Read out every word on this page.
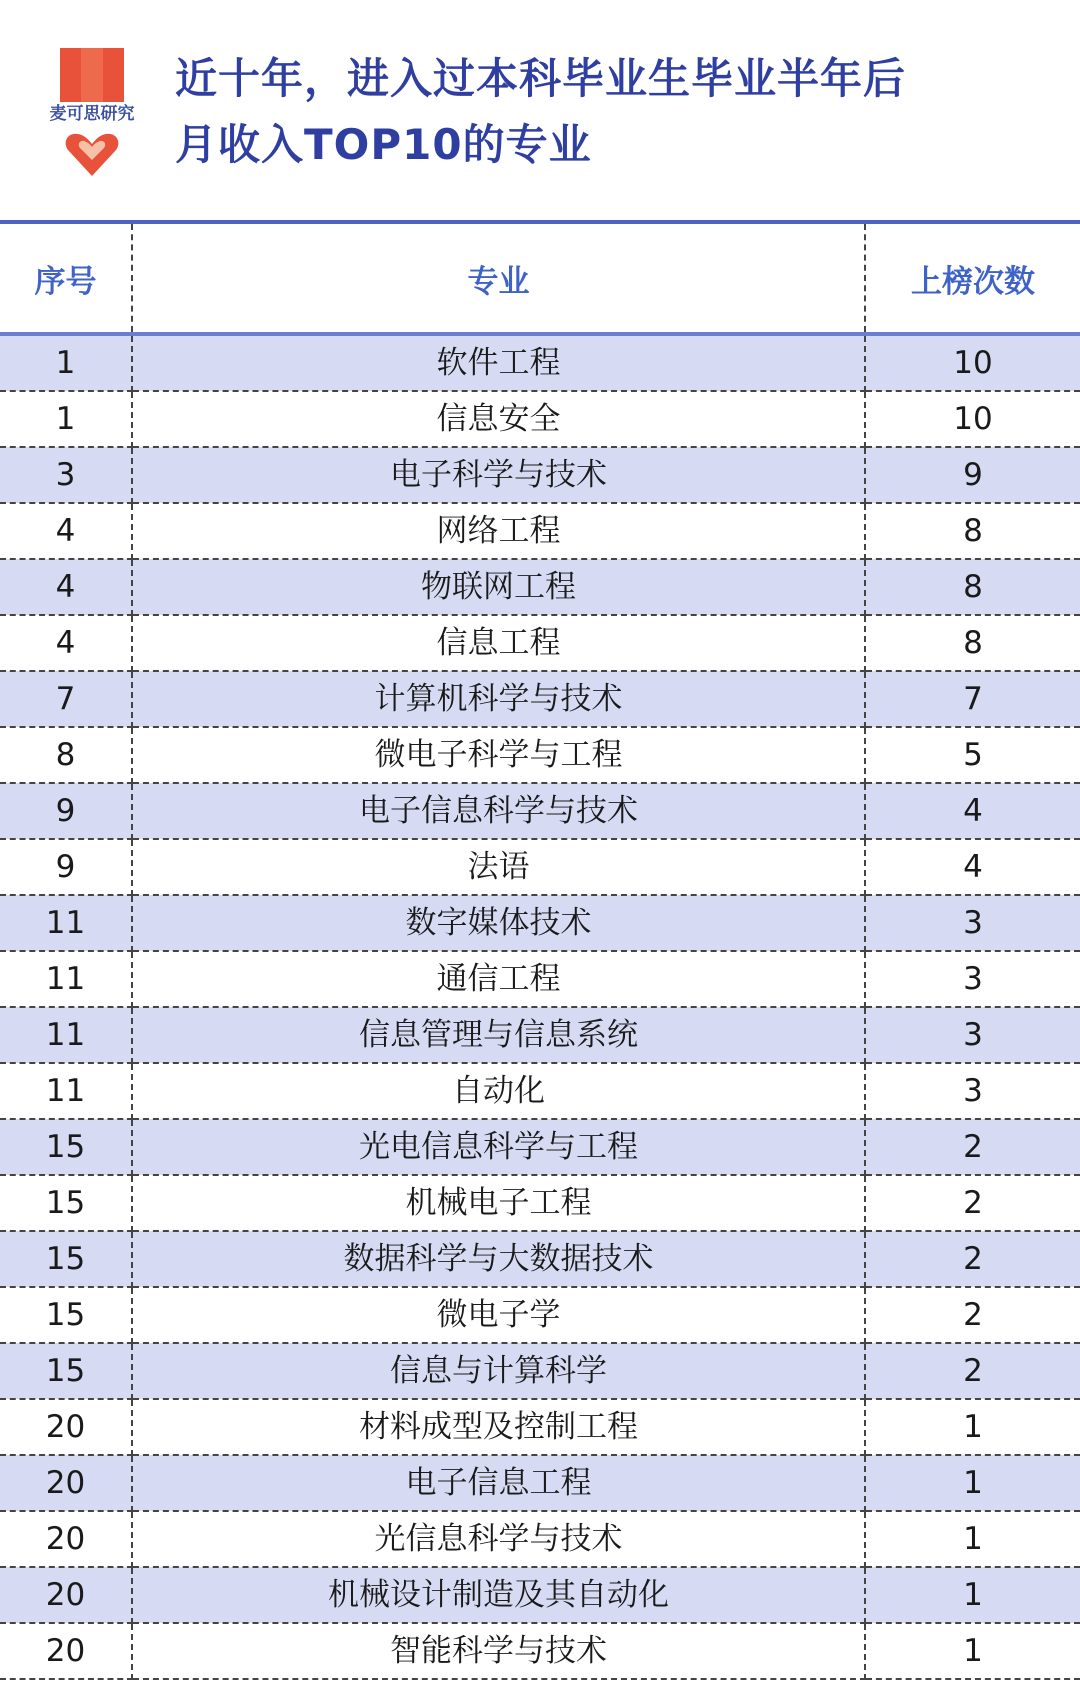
麦可思研究
近十年，进入过本科毕业生毕业半年后
月收入TOP10的专业
序号	专业	上榜次数
1	软件工程	10
1	信息安全	10
3	电子科学与技术	9
4	网络工程	8
4	物联网工程	8
4	信息工程	8
7	计算机科学与技术	7
8	微电子科学与工程	5
9	电子信息科学与技术	4
9	法语	4
11	数字媒体技术	3
11	通信工程	3
11	信息管理与信息系统	3
11	自动化	3
15	光电信息科学与工程	2
15	机械电子工程	2
15	数据科学与大数据技术	2
15	微电子学	2
15	信息与计算科学	2
20	材料成型及控制工程	1
20	电子信息工程	1
20	光信息科学与技术	1
20	机械设计制造及其自动化	1
20	智能科学与技术	1
